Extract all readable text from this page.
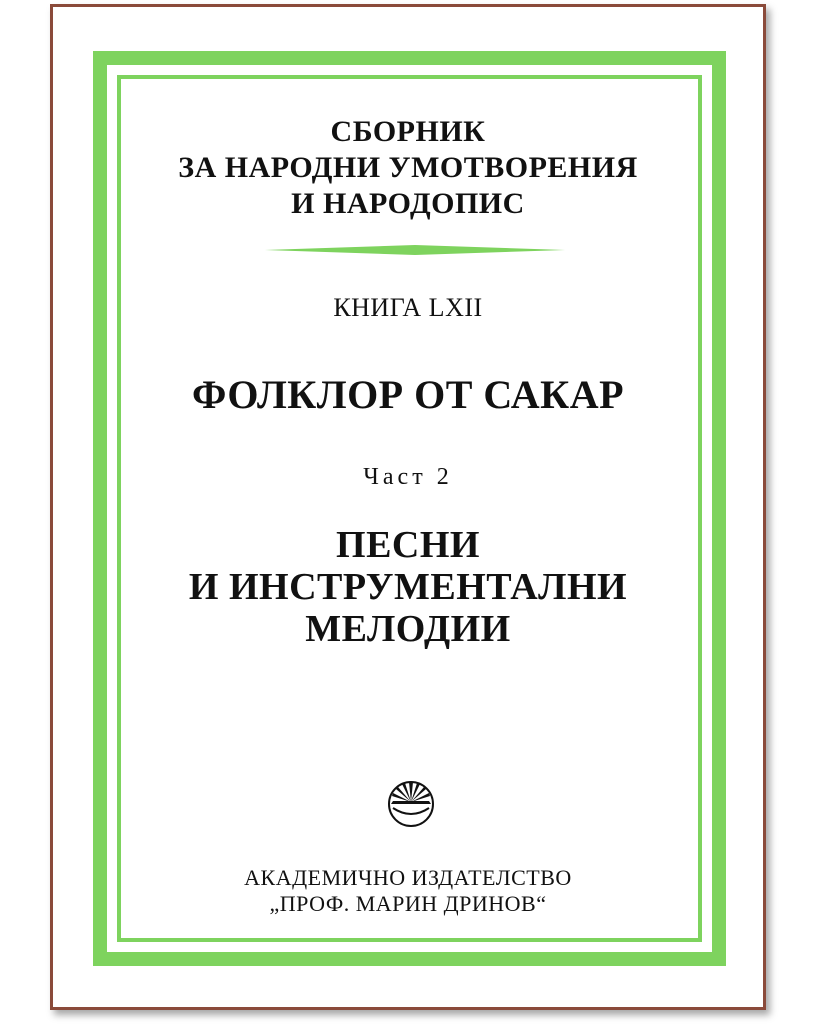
СБОРНИК
ЗА НАРОДНИ УМОТВОРЕНИЯ
И НАРОДОПИС
КНИГА LXII
ФОЛКЛОР ОТ САКАР
Част 2
ПЕСНИ
И ИНСТРУМЕНТАЛНИ
МЕЛОДИИ
АКАДЕМИЧНО ИЗДАТЕЛСТВО
„ПРОФ. МАРИН ДРИНОВ“
